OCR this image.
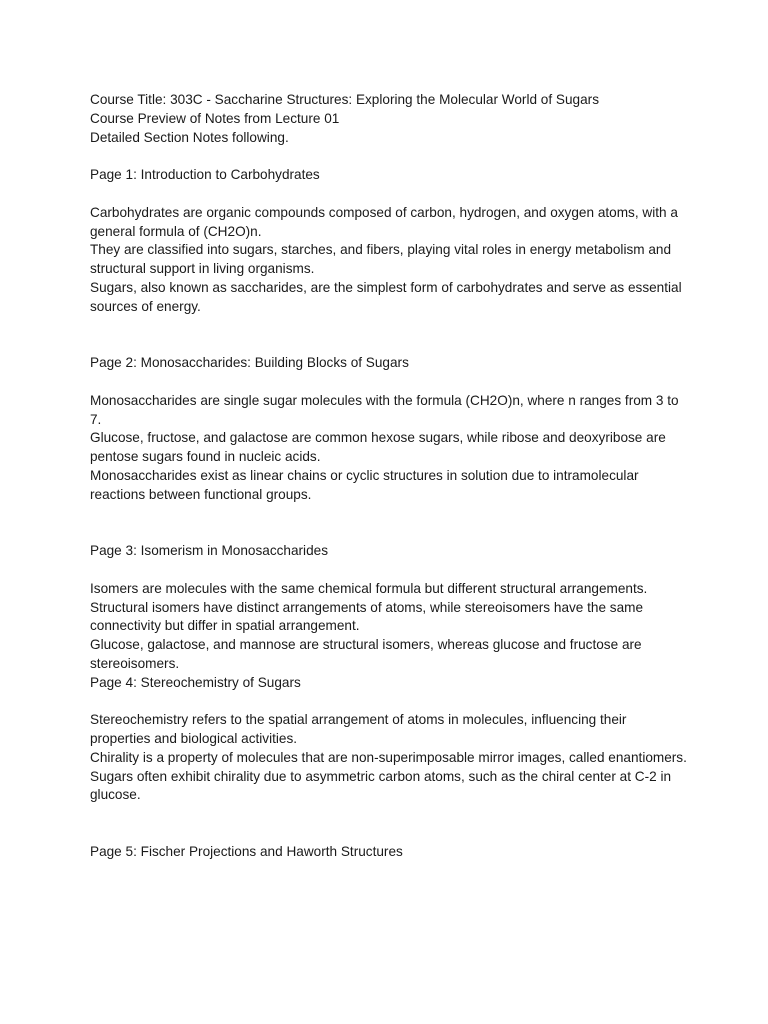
Course Title: 303C - Saccharine Structures: Exploring the Molecular World of Sugars

Course Preview of Notes from Lecture 01

Detailed Section Notes following.

Page 1: Introduction to Carbohydrates

Carbohydrates are organic compounds composed of carbon, hydrogen, and oxygen atoms, with a general formula of (CH2O)n.

They are classified into sugars, starches, and fibers, playing vital roles in energy metabolism and structural support in living organisms.

Sugars, also known as saccharides, are the simplest form of carbohydrates and serve as essential sources of energy.

Page 2: Monosaccharides: Building Blocks of Sugars

Monosaccharides are single sugar molecules with the formula (CH2O)n, where n ranges from 3 to 7.

Glucose, fructose, and galactose are common hexose sugars, while ribose and deoxyribose are pentose sugars found in nucleic acids.

Monosaccharides exist as linear chains or cyclic structures in solution due to intramolecular reactions between functional groups.

Page 3: Isomerism in Monosaccharides

Isomers are molecules with the same chemical formula but different structural arrangements.

Structural isomers have distinct arrangements of atoms, while stereoisomers have the same connectivity but differ in spatial arrangement.

Glucose, galactose, and mannose are structural isomers, whereas glucose and fructose are stereoisomers.

Page 4: Stereochemistry of Sugars

Stereochemistry refers to the spatial arrangement of atoms in molecules, influencing their properties and biological activities.

Chirality is a property of molecules that are non-superimposable mirror images, called enantiomers.

Sugars often exhibit chirality due to asymmetric carbon atoms, such as the chiral center at C-2 in glucose.

Page 5: Fischer Projections and Haworth Structures
